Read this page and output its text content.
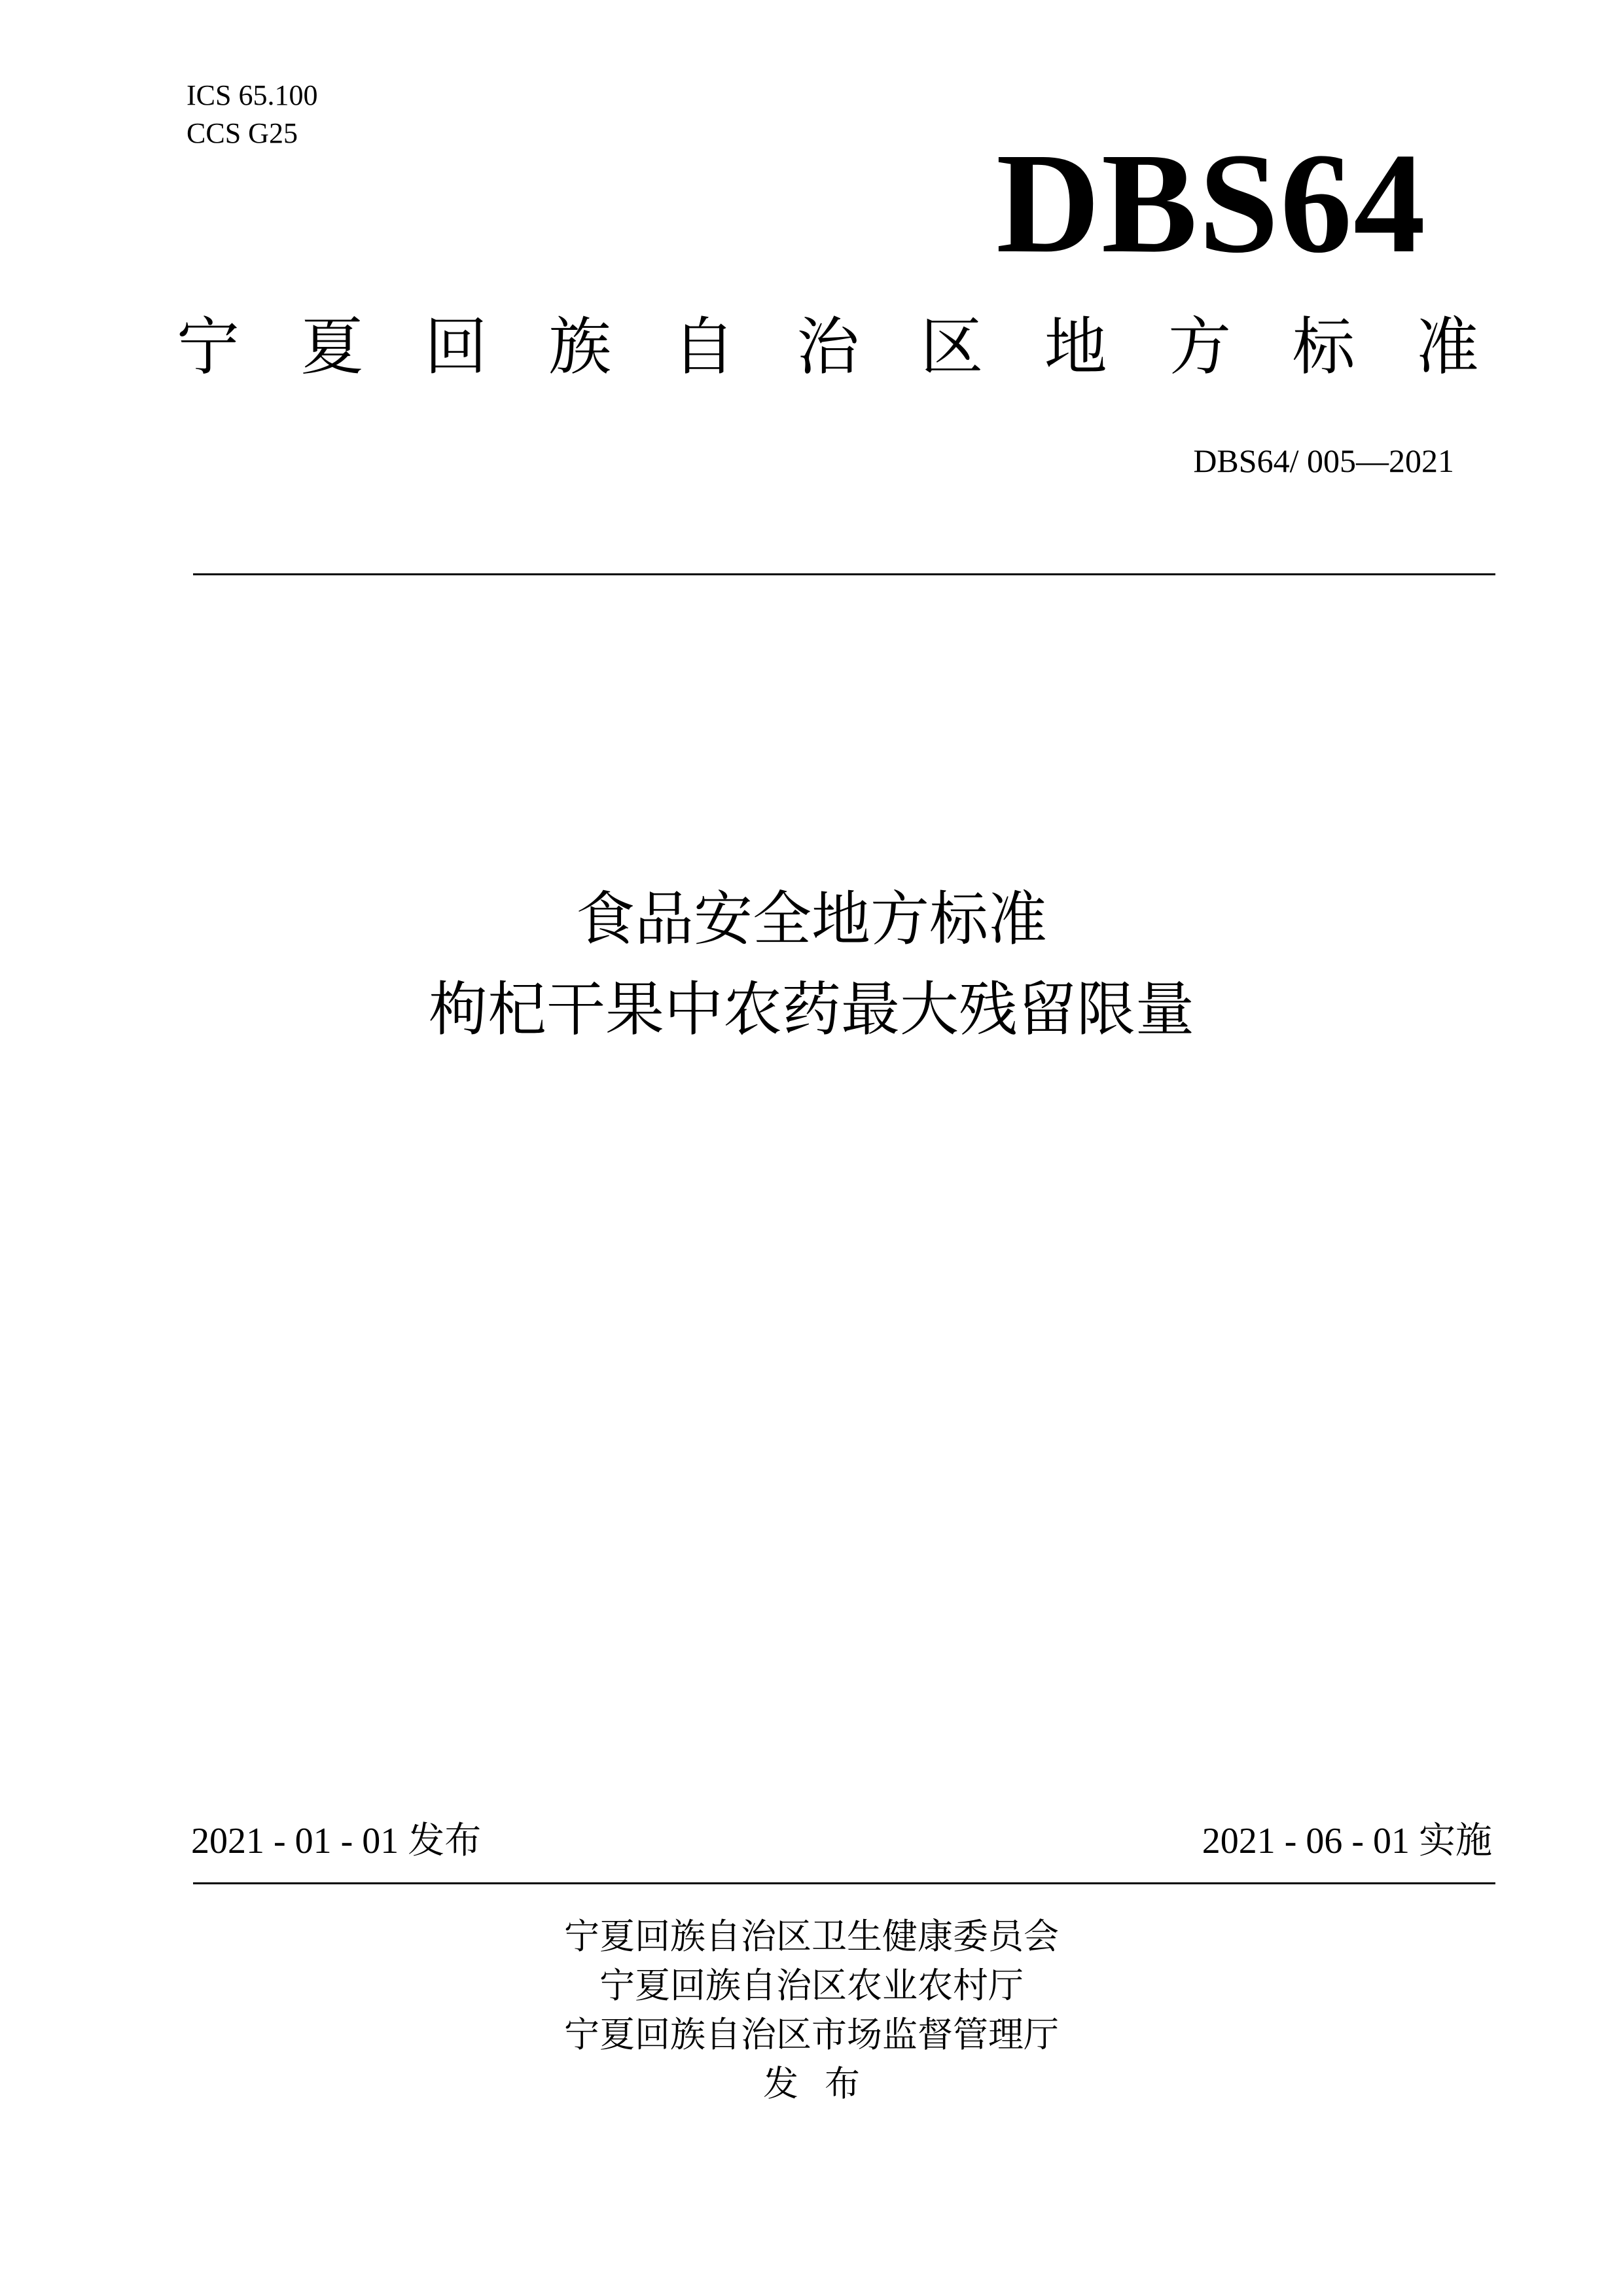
ICS 65.100
CCS G25	DBS64
宁 夏 回 族 自 治 区 地 方 标 准
DBS64/ 005—2021
食品安全地方标准
枸杞干果中农药最大残留限量
2021 - 01 - 01 发布	2021 - 06 - 01 实施
宁夏回族自治区卫生健康委员会
宁夏回族自治区农业农村厅
宁夏回族自治区市场监督管理厅
发布
